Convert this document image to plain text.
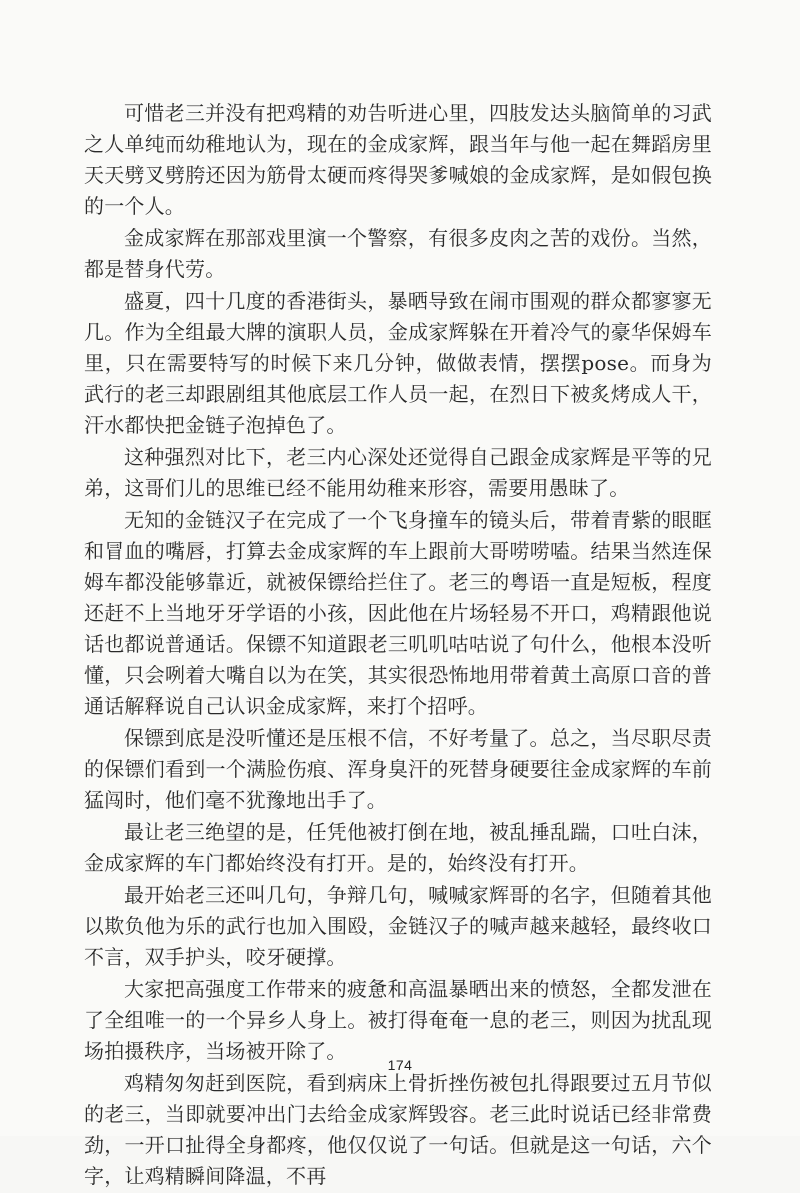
可惜老三并没有把鸡精的劝告听进心里，四肢发达头脑简单的习武之人单纯而幼稚地认为，现在的金成家辉，跟当年与他一起在舞蹈房里天天劈叉劈胯还因为筋骨太硬而疼得哭爹喊娘的金成家辉，是如假包换的一个人。

金成家辉在那部戏里演一个警察，有很多皮肉之苦的戏份。当然，都是替身代劳。

盛夏，四十几度的香港街头，暴晒导致在闹市围观的群众都寥寥无几。作为全组最大牌的演职人员，金成家辉躲在开着冷气的豪华保姆车里，只在需要特写的时候下来几分钟，做做表情，摆摆pose。而身为武行的老三却跟剧组其他底层工作人员一起，在烈日下被炙烤成人干，汗水都快把金链子泡掉色了。

这种强烈对比下，老三内心深处还觉得自己跟金成家辉是平等的兄弟，这哥们儿的思维已经不能用幼稚来形容，需要用愚昧了。

无知的金链汉子在完成了一个飞身撞车的镜头后，带着青紫的眼眶和冒血的嘴唇，打算去金成家辉的车上跟前大哥唠唠嗑。结果当然连保姆车都没能够靠近，就被保镖给拦住了。老三的粤语一直是短板，程度还赶不上当地牙牙学语的小孩，因此他在片场轻易不开口，鸡精跟他说话也都说普通话。保镖不知道跟老三叽叽咕咕说了句什么，他根本没听懂，只会咧着大嘴自以为在笑，其实很恐怖地用带着黄土高原口音的普通话解释说自己认识金成家辉，来打个招呼。

保镖到底是没听懂还是压根不信，不好考量了。总之，当尽职尽责的保镖们看到一个满脸伤痕、浑身臭汗的死替身硬要往金成家辉的车前猛闯时，他们毫不犹豫地出手了。

最让老三绝望的是，任凭他被打倒在地，被乱捶乱踹，口吐白沫，金成家辉的车门都始终没有打开。是的，始终没有打开。

最开始老三还叫几句，争辩几句，喊喊家辉哥的名字，但随着其他以欺负他为乐的武行也加入围殴，金链汉子的喊声越来越轻，最终收口不言，双手护头，咬牙硬撑。

大家把高强度工作带来的疲惫和高温暴晒出来的愤怒，全都发泄在了全组唯一的一个异乡人身上。被打得奄奄一息的老三，则因为扰乱现场拍摄秩序，当场被开除了。

鸡精匆匆赶到医院，看到病床上骨折挫伤被包扎得跟要过五月节似的老三，当即就要冲出门去给金成家辉毁容。老三此时说话已经非常费劲，一开口扯得全身都疼，他仅仅说了一句话。但就是这一句话，六个字，让鸡精瞬间降温，不再

174
